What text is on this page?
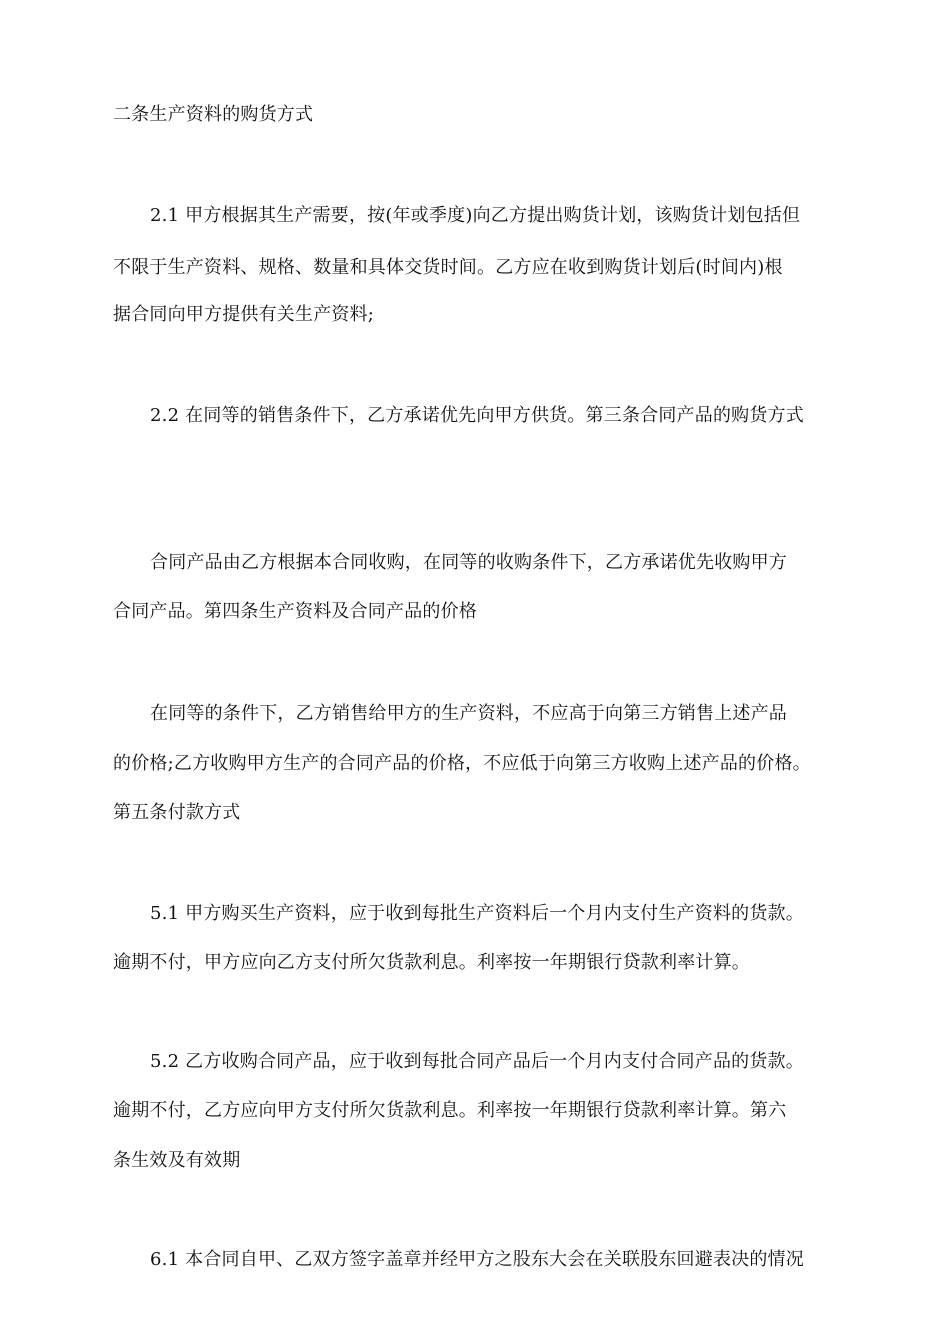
二条生产资料的购货方式
2.1 甲方根据其生产需要，按(年或季度)向乙方提出购货计划，该购货计划包括但
不限于生产资料、规格、数量和具体交货时间。乙方应在收到购货计划后(时间内)根
据合同向甲方提供有关生产资料;
2.2 在同等的销售条件下，乙方承诺优先向甲方供货。第三条合同产品的购货方式
合同产品由乙方根据本合同收购，在同等的收购条件下，乙方承诺优先收购甲方
合同产品。第四条生产资料及合同产品的价格
在同等的条件下，乙方销售给甲方的生产资料，不应高于向第三方销售上述产品
的价格;乙方收购甲方生产的合同产品的价格，不应低于向第三方收购上述产品的价格。
第五条付款方式
5.1 甲方购买生产资料，应于收到每批生产资料后一个月内支付生产资料的货款。
逾期不付，甲方应向乙方支付所欠货款利息。利率按一年期银行贷款利率计算。
5.2 乙方收购合同产品，应于收到每批合同产品后一个月内支付合同产品的货款。
逾期不付，乙方应向甲方支付所欠货款利息。利率按一年期银行贷款利率计算。第六
条生效及有效期
6.1 本合同自甲、乙双方签字盖章并经甲方之股东大会在关联股东回避表决的情况
